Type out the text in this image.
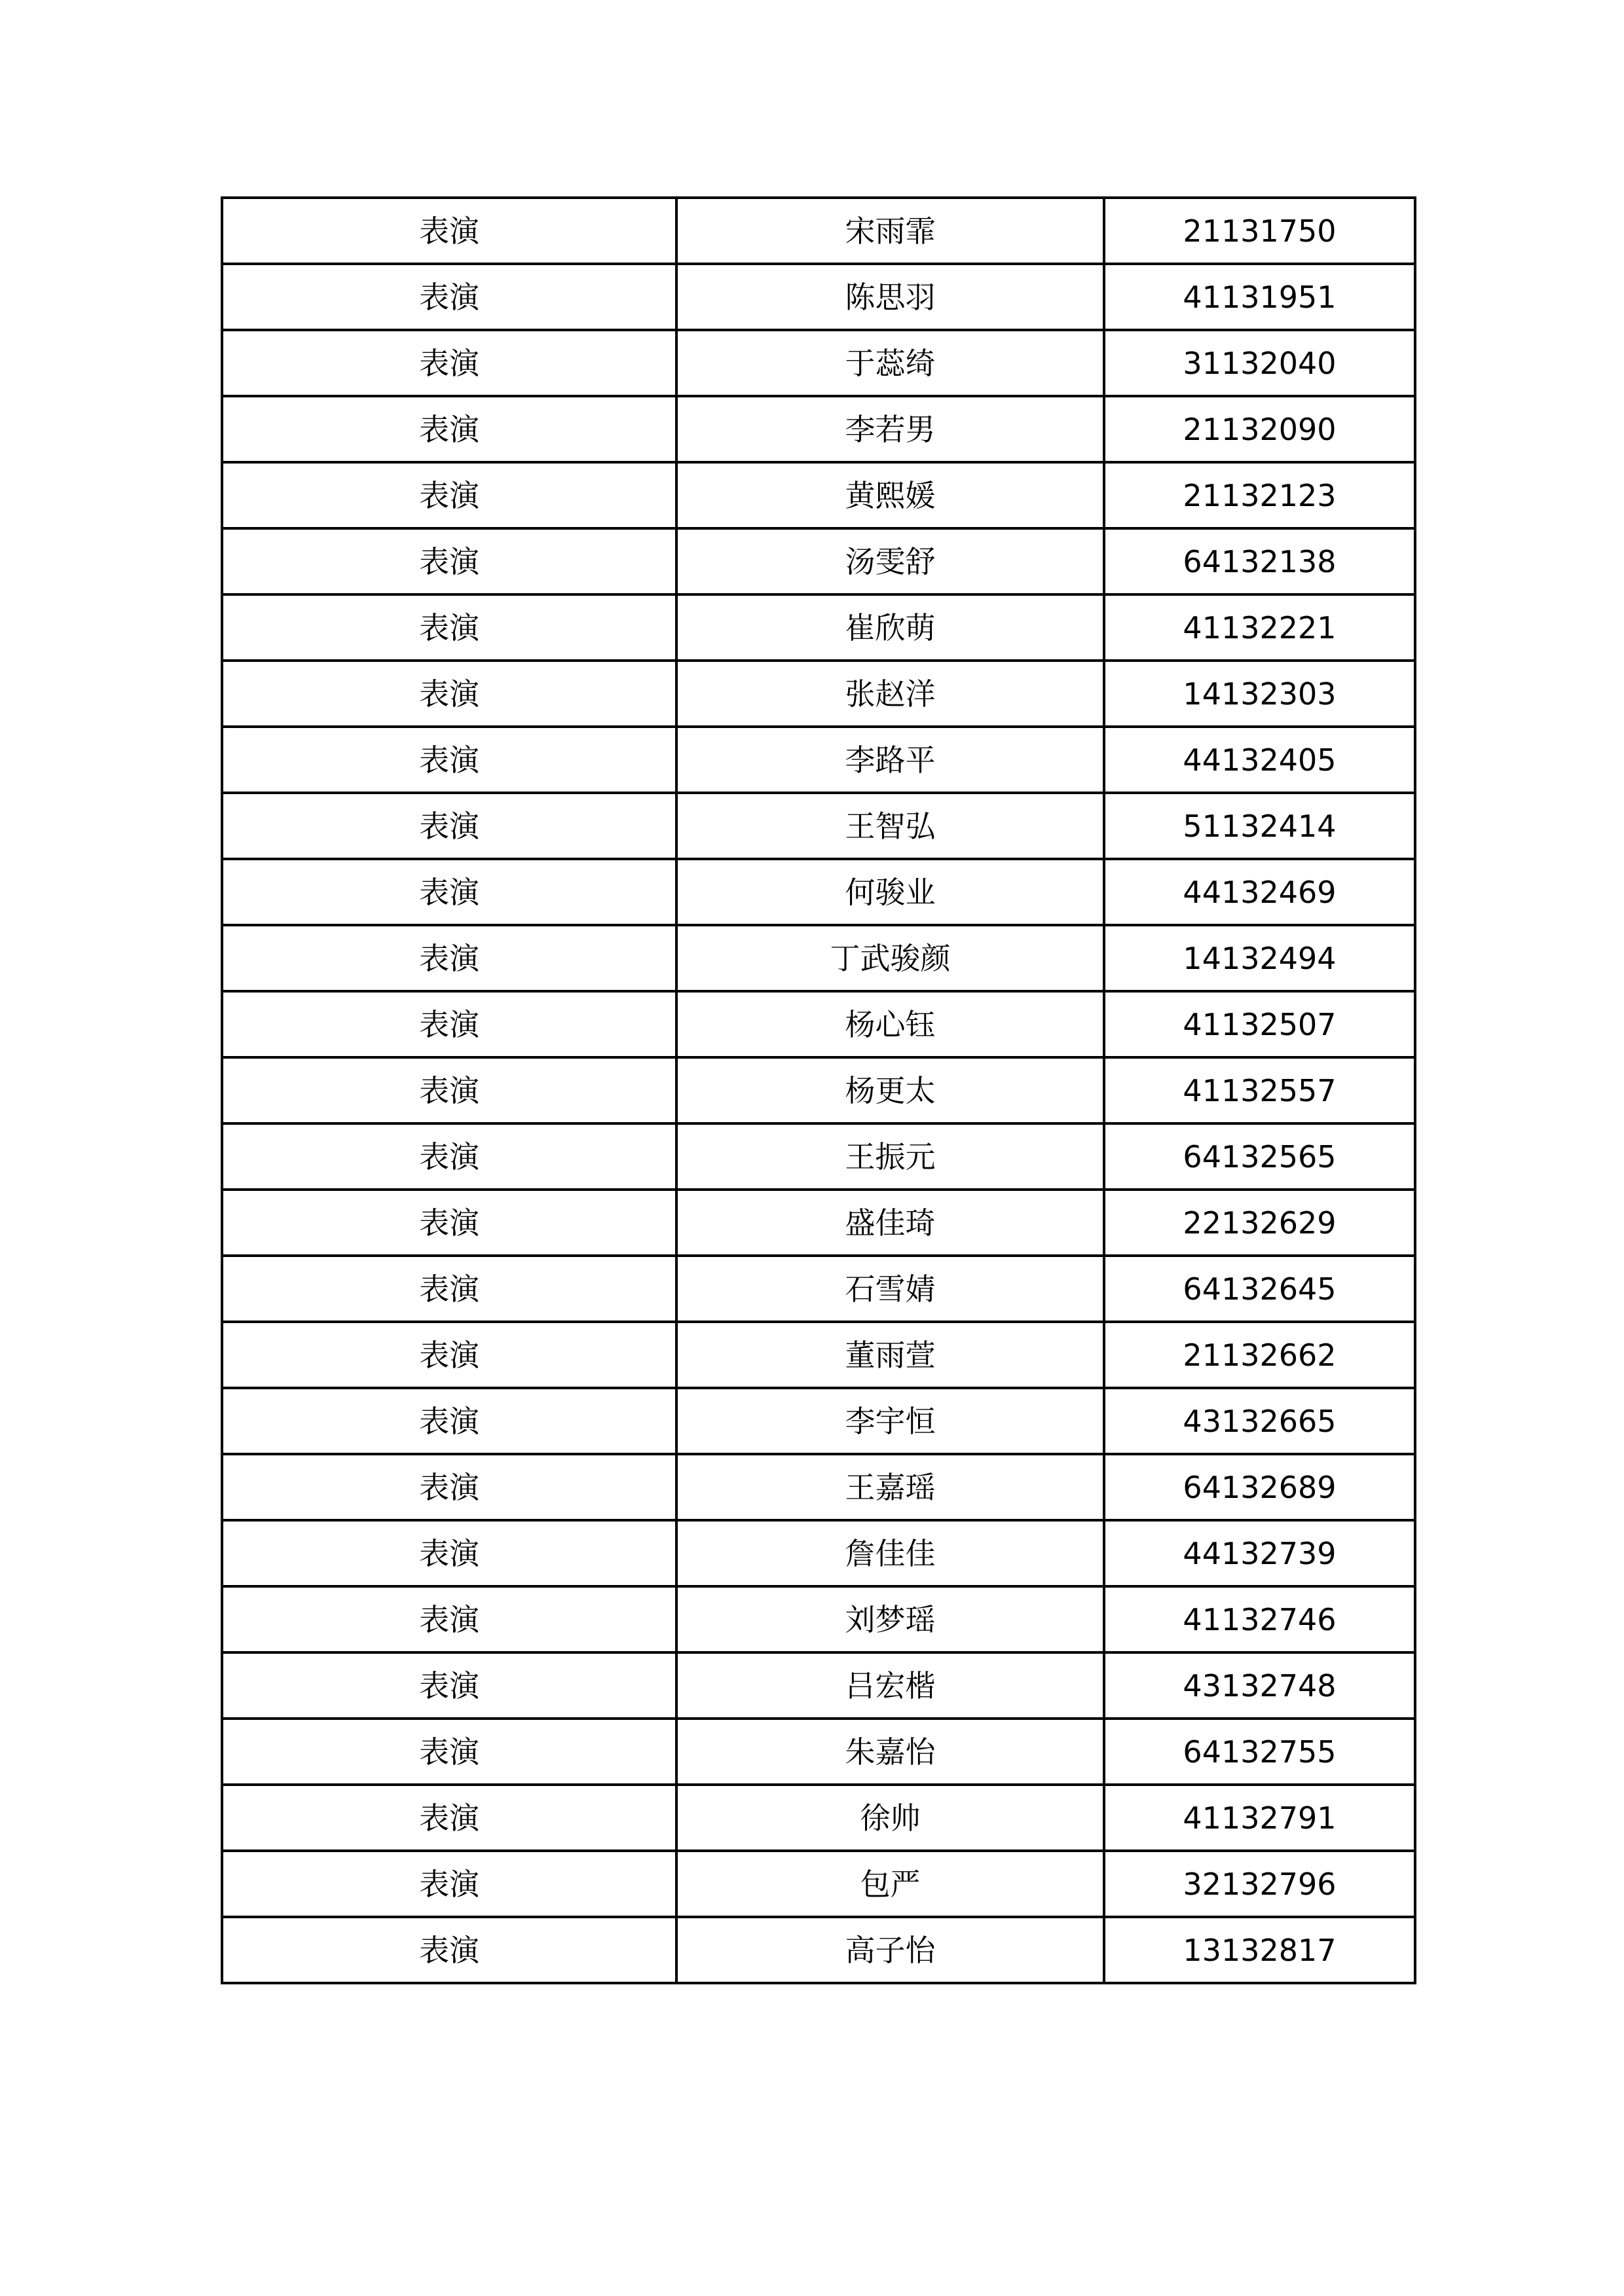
表演	宋雨霏	21131750
表演	陈思羽	41131951
表演	于蕊绮	31132040
表演	李若男	21132090
表演	黄熙媛	21132123
表演	汤雯舒	64132138
表演	崔欣萌	41132221
表演	张赵洋	14132303
表演	李路平	44132405
表演	王智弘	51132414
表演	何骏业	44132469
表演	丁武骏颜	14132494
表演	杨心钰	41132507
表演	杨更太	41132557
表演	王振元	64132565
表演	盛佳琦	22132629
表演	石雪婧	64132645
表演	董雨萱	21132662
表演	李宇恒	43132665
表演	王嘉瑶	64132689
表演	詹佳佳	44132739
表演	刘梦瑶	41132746
表演	吕宏楷	43132748
表演	朱嘉怡	64132755
表演	徐帅	41132791
表演	包严	32132796
表演	高子怡	13132817
